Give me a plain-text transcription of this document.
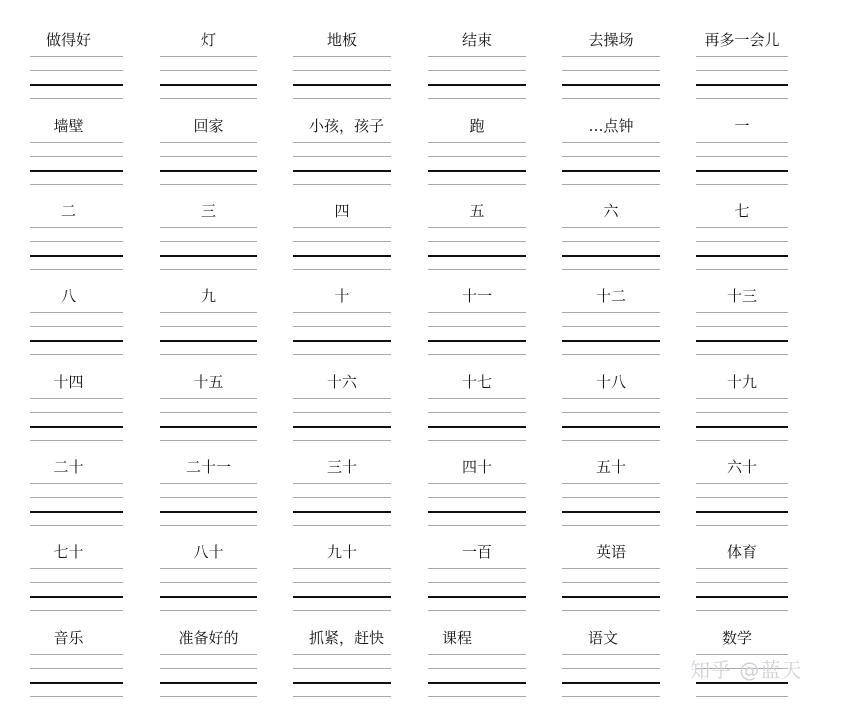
做得好	灯	地板	结束	去操场	再多一会儿
墙壁	回家	小孩，孩子	跑	…点钟	一
二	三	四	五	六	七
八	九	十	十一	十二	十三
十四	十五	十六	十七	十八	十九
二十	二十一	三十	四十	五十	六十
七十	八十	九十	一百	英语	体育
音乐	准备好的	抓紧，赶快	课程	语文	数学
知乎 @蓝天
